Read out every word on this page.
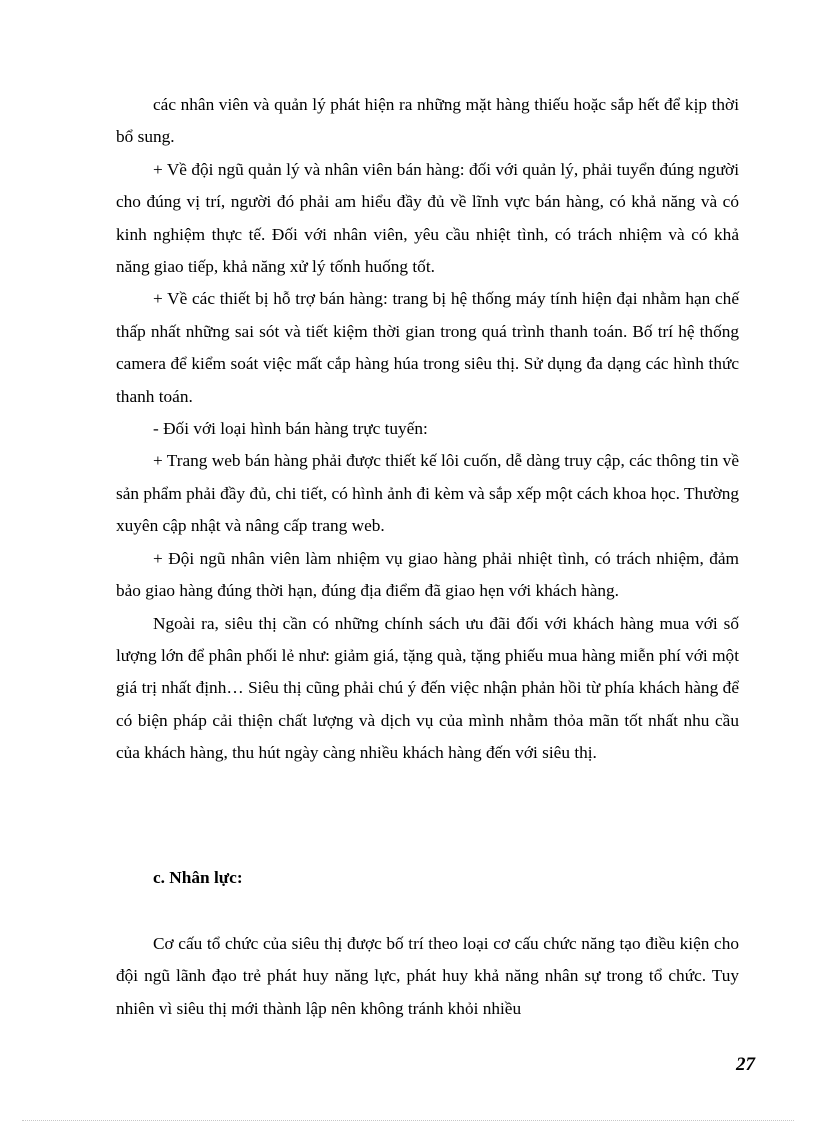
các nhân viên và quản lý phát hiện ra những mặt hàng thiếu hoặc sắp hết để kịp thời bổ sung.

+ Về đội ngũ quản lý và nhân viên bán hàng: đối với quản lý, phải tuyển đúng người cho đúng vị trí, người đó phải am hiểu đầy đủ về lĩnh vực bán hàng, có khả năng và có kinh nghiệm thực tế. Đối với nhân viên, yêu cầu nhiệt tình, có trách nhiệm và có khả năng giao tiếp, khả năng xử lý tốnh huống tốt.

+ Về các thiết bị hỗ trợ bán hàng: trang bị hệ thống máy tính hiện đại nhằm hạn chế thấp nhất những sai sót và tiết kiệm thời gian trong quá trình thanh toán. Bố trí hệ thống camera để kiểm soát việc mất cắp hàng húa trong siêu thị. Sử dụng đa dạng các hình thức thanh toán.

- Đối với loại hình bán hàng trực tuyến:

+ Trang web bán hàng phải được thiết kế lôi cuốn, dễ dàng truy cập, các thông tin về sản phẩm phải đầy đủ, chi tiết, có hình ảnh đi kèm và sắp xếp một cách khoa học. Thường xuyên cập nhật và nâng cấp trang web.

+ Đội ngũ nhân viên làm nhiệm vụ giao hàng phải nhiệt tình, có trách nhiệm, đảm bảo giao hàng đúng thời hạn, đúng địa điểm đã giao hẹn với khách hàng.

Ngoài ra, siêu thị cần có những chính sách ưu đãi đối với khách hàng mua với số lượng lớn để phân phối lẻ như: giảm giá, tặng quà, tặng phiếu mua hàng miễn phí với một giá trị nhất định… Siêu thị cũng phải chú ý đến việc nhận phản hồi từ phía khách hàng để có biện pháp cải thiện chất lượng và dịch vụ của mình nhằm thỏa mãn tốt nhất nhu cầu của khách hàng, thu hút ngày càng nhiều khách hàng đến với siêu thị.

c. Nhân lực:

Cơ cấu tổ chức của siêu thị được bố trí theo loại cơ cấu chức năng tạo điều kiện cho đội ngũ lãnh đạo trẻ phát huy năng lực, phát huy khả năng nhân sự trong tổ chức. Tuy nhiên vì siêu thị mới thành lập nên không tránh khỏi nhiều

27
